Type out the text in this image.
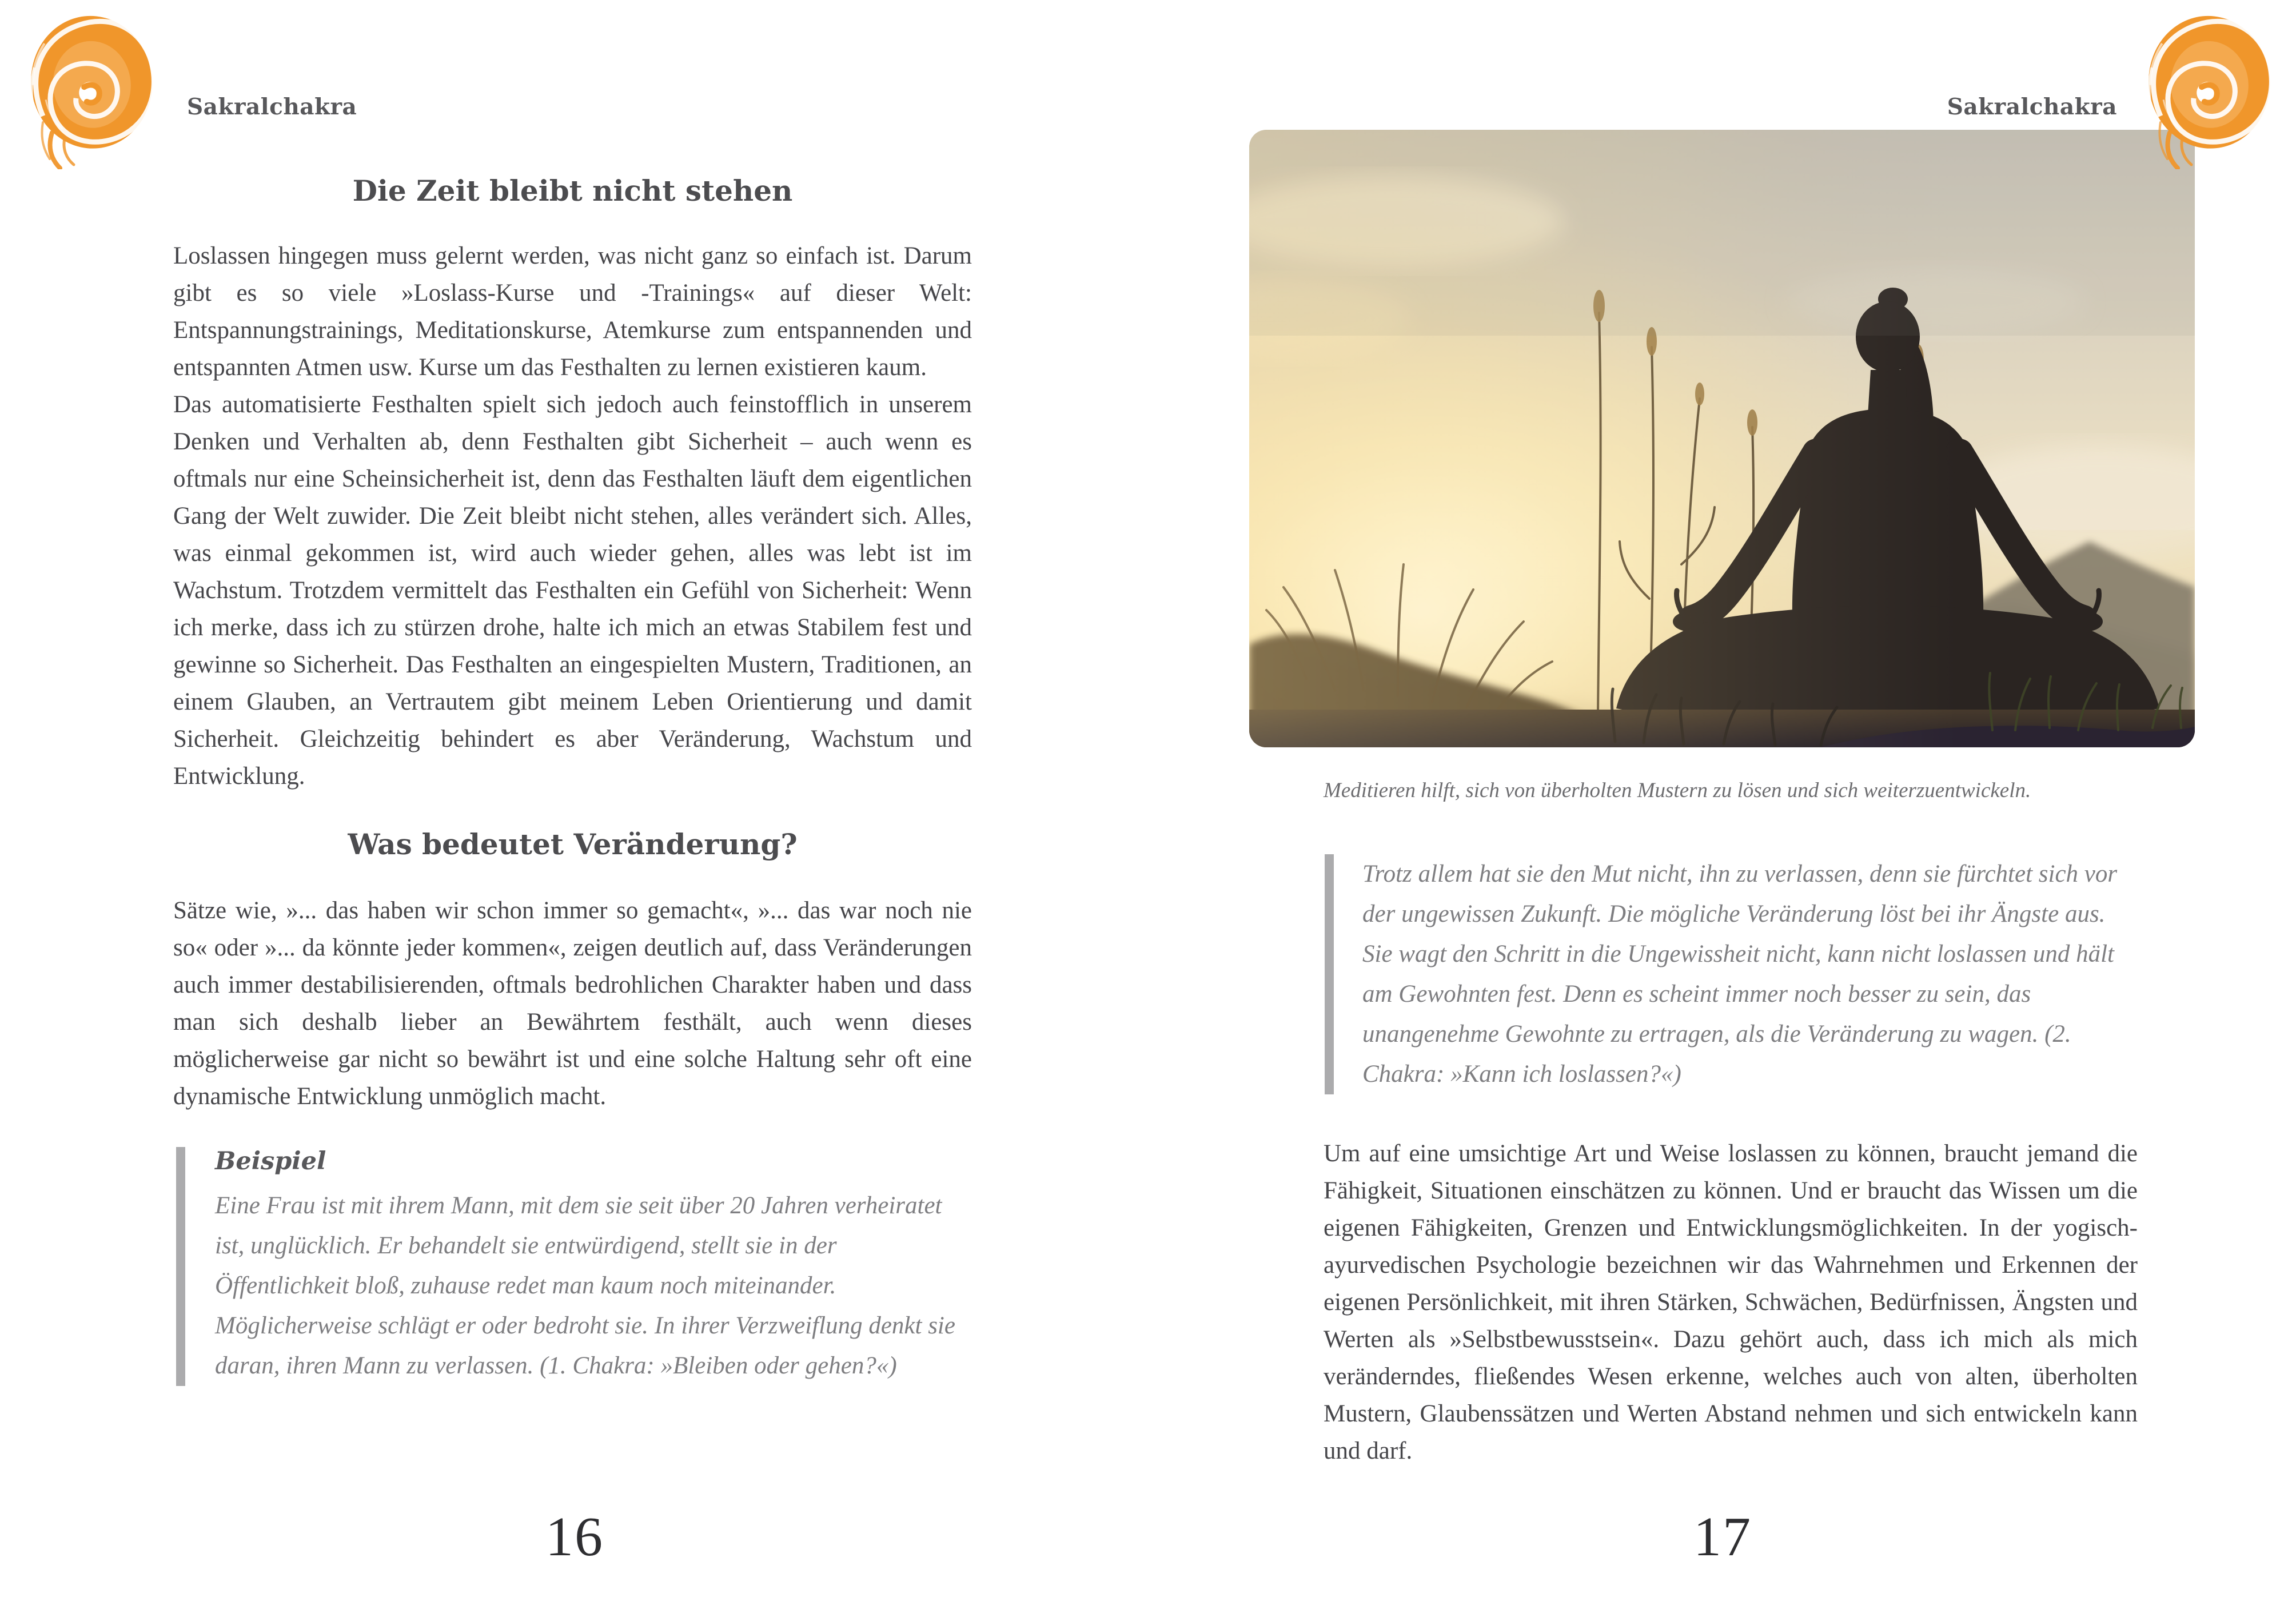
Sakralchakra	Sakralchakra
Die Zeit bleibt nicht stehen

Loslassen hingegen muss gelernt werden, was nicht ganz so einfach ist. Darum gibt es so viele »Loslass-Kurse und -Trainings« auf dieser Welt: Entspannungstrainings, Meditationskurse, Atemkurse zum entspannenden und entspannten Atmen usw. Kurse um das Festhalten zu lernen existieren kaum.

Das automatisierte Festhalten spielt sich jedoch auch feinstofflich in unserem Denken und Verhalten ab, denn Festhalten gibt Sicherheit – auch wenn es oftmals nur eine Scheinsicherheit ist, denn das Festhalten läuft dem eigentlichen Gang der Welt zuwider. Die Zeit bleibt nicht stehen, alles verändert sich. Alles, was einmal gekommen ist, wird auch wieder gehen, alles was lebt ist im Wachstum. Trotzdem vermittelt das Festhalten ein Gefühl von Sicherheit: Wenn ich merke, dass ich zu stürzen drohe, halte ich mich an etwas Stabilem fest und gewinne so Sicherheit. Das Festhalten an eingespielten Mustern, Traditionen, an einem Glauben, an Vertrautem gibt meinem Leben Orientierung und damit Sicherheit. Gleichzeitig behindert es aber Veränderung, Wachstum und Entwicklung.

Was bedeutet Veränderung?

Sätze wie, »... das haben wir schon immer so gemacht«, »... das war noch nie so« oder »... da könnte jeder kommen«, zeigen deutlich auf, dass Veränderungen auch immer destabilisierenden, oftmals bedrohlichen Charakter haben und dass man sich deshalb lieber an Bewährtem festhält, auch wenn dieses möglicherweise gar nicht so bewährt ist und eine solche Haltung sehr oft eine dynamische Entwicklung unmöglich macht.

Beispiel

Eine Frau ist mit ihrem Mann, mit dem sie seit über 20 Jahren verheiratet ist, unglücklich. Er behandelt sie entwürdigend, stellt sie in der Öffentlichkeit bloß, zuhause redet man kaum noch miteinander. Möglicherweise schlägt er oder bedroht sie. In ihrer Verzweiflung denkt sie daran, ihren Mann zu verlassen. (1. Chakra: »Bleiben oder gehen?«)

Meditieren hilft, sich von überholten Mustern zu lösen und sich weiterzuentwickeln.

Trotz allem hat sie den Mut nicht, ihn zu verlassen, denn sie fürchtet sich vor der ungewissen Zukunft. Die mögliche Veränderung löst bei ihr Ängste aus. Sie wagt den Schritt in die Ungewissheit nicht, kann nicht loslassen und hält am Gewohnten fest. Denn es scheint immer noch besser zu sein, das unangenehme Gewohnte zu ertragen, als die Veränderung zu wagen. (2. Chakra: »Kann ich loslassen?«)

Um auf eine umsichtige Art und Weise loslassen zu können, braucht jemand die Fähigkeit, Situationen einschätzen zu können. Und er braucht das Wissen um die eigenen Fähigkeiten, Grenzen und Entwicklungsmöglichkeiten. In der yogisch-ayurvedischen Psychologie bezeichnen wir das Wahrnehmen und Erkennen der eigenen Persönlichkeit, mit ihren Stärken, Schwächen, Bedürfnissen, Ängsten und Werten als »Selbstbewusstsein«. Dazu gehört auch, dass ich mich als mich veränderndes, fließendes Wesen erkenne, welches auch von alten, überholten Mustern, Glaubenssätzen und Werten Abstand nehmen und sich entwickeln kann und darf.

16	17
